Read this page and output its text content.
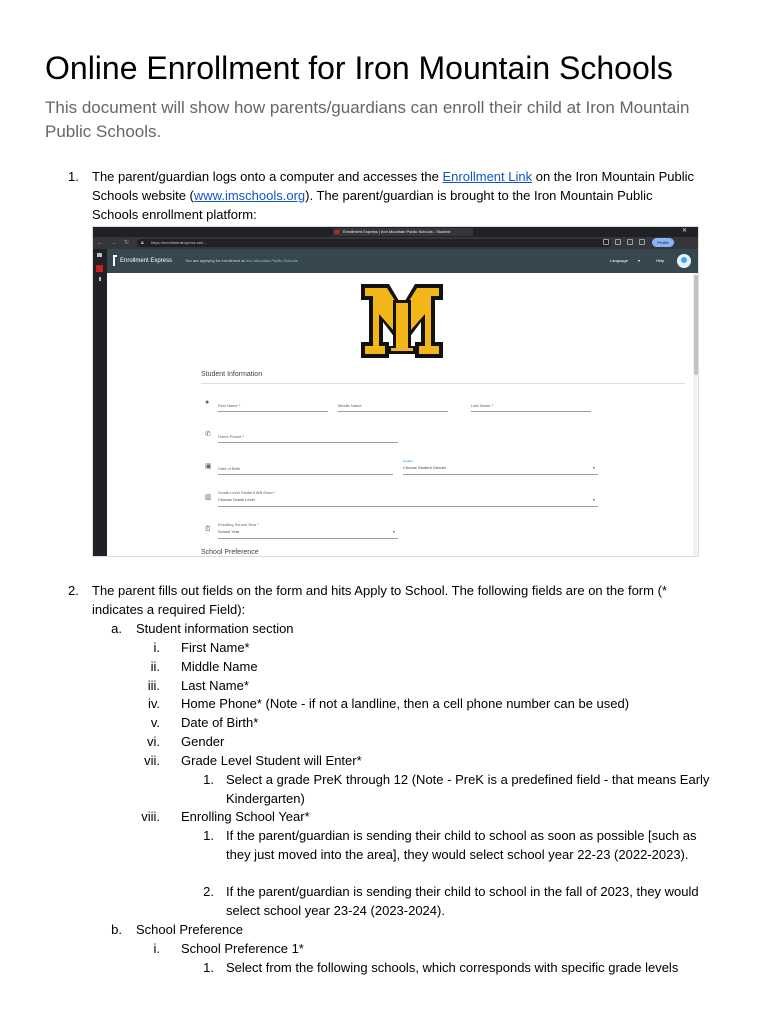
Online Enrollment for Iron Mountain Schools

This document will show how parents/guardians can enroll their child at Iron Mountain Public Schools.

1. The parent/guardian logs onto a computer and accesses the Enrollment Link on the Iron Mountain Public Schools website (www.imschools.org). The parent/guardian is brought to the Iron Mountain Public Schools enrollment platform:
Enrollment Express | Iron Mountain Public Schools - Student	✕
← → ↻ 🔒︎ https://enrollmentexpress.net/...	Profile
Enrollment Express	You are applying for enrollment at Iron Mountain Public Schools	Language	▾	Help
Student Information
●	First Name *	Middle Name	Last Name *
✆ Home Phone *
▣ Date of Birth
Gender
Choose Student Gender	▾
▥
Grade Level Student Will Enter *
Choose Grade Level	▾
⏰︎
Enrolling School Year *
School Year	▾
School Preference
2. The parent fills out fields on the form and hits Apply to School. The following fields are on the form (* indicates a required Field):
a. Student information section
i. First Name*
ii. Middle Name
iii. Last Name*
iv. Home Phone* (Note - if not a landline, then a cell phone number can be used)
v. Date of Birth*
vi. Gender
vii. Grade Level Student will Enter*
1. Select a grade PreK through 12 (Note - PreK is a predefined field - that means Early Kindergarten)
viii. Enrolling School Year*
1. If the parent/guardian is sending their child to school as soon as possible [such as they just moved into the area], they would select school year 22-23 (2022-2023).
2. If the parent/guardian is sending their child to school in the fall of 2023, they would select school year 23-24 (2023-2024).
b. School Preference
i. School Preference 1*
1. Select from the following schools, which corresponds with specific grade levels
